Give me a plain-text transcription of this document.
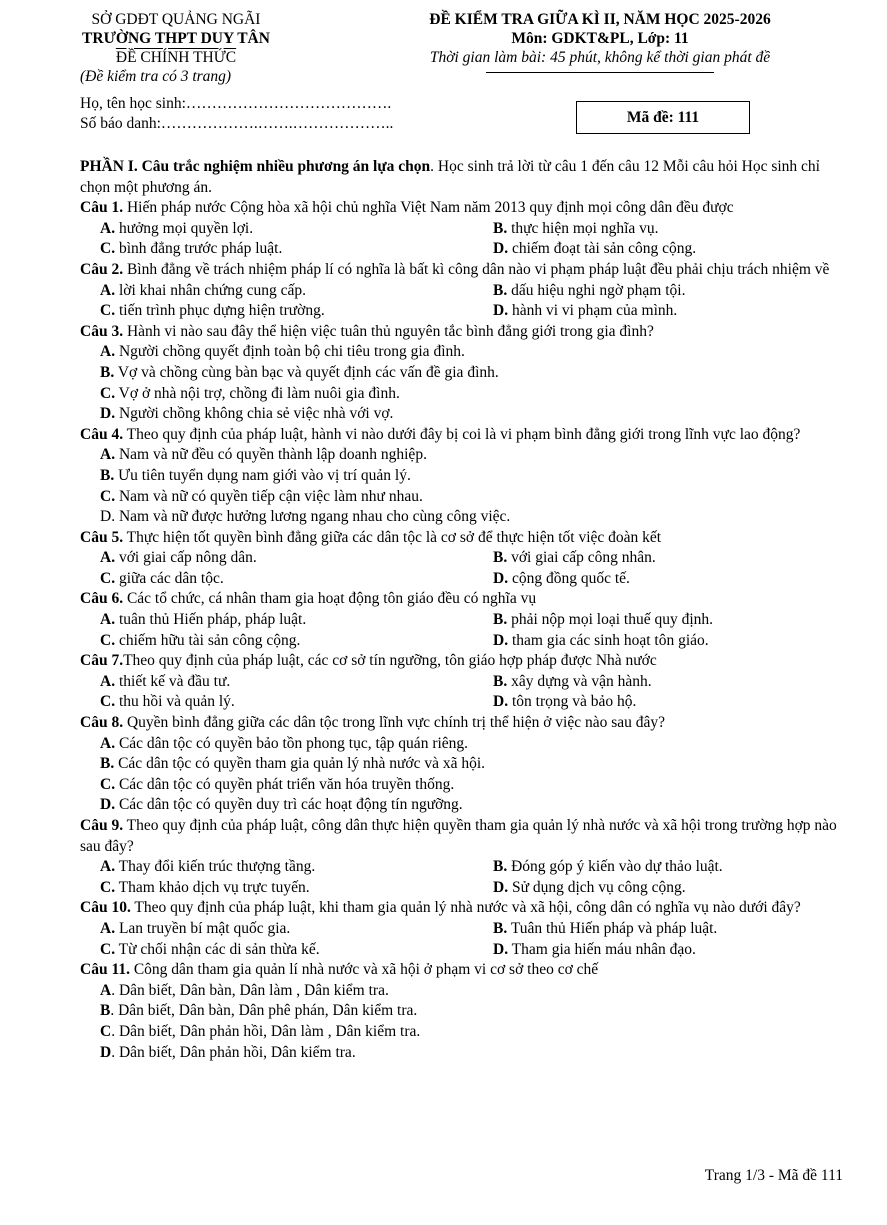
SỞ GDĐT QUẢNG NGÃI
TRƯỜNG THPT DUY TÂN
ĐỀ CHÍNH THỨC
(Đề kiểm tra có 3 trang)
ĐỀ KIỂM TRA GIỮA KÌ II, NĂM HỌC 2025-2026
Môn: GDKT&PL, Lớp: 11
Thời gian làm bài: 45 phút, không kể thời gian phát đề
Họ, tên học sinh:………………………………….
Số báo danh:……………….…….………………..	Mã đề: 111

PHẦN I. Câu trắc nghiệm nhiều phương án lựa chọn. Học sinh trả lời từ câu 1 đến câu 12 Mỗi câu hỏi Học sinh chỉ chọn một phương án.

Câu 1. Hiến pháp nước Cộng hòa xã hội chủ nghĩa Việt Nam năm 2013 quy định mọi công dân đều được

A. hưởng mọi quyền lợi.	B. thực hiện mọi nghĩa vụ.
C. bình đẳng trước pháp luật.	D. chiếm đoạt tài sản công cộng.

Câu 2. Bình đẳng về trách nhiệm pháp lí có nghĩa là bất kì công dân nào vi phạm pháp luật đều phải chịu trách nhiệm về

A. lời khai nhân chứng cung cấp.	B. dấu hiệu nghi ngờ phạm tội.
C. tiến trình phục dựng hiện trường.	D. hành vi vi phạm của mình.

Câu 3. Hành vi nào sau đây thể hiện việc tuân thủ nguyên tắc bình đẳng giới trong gia đình?

A. Người chồng quyết định toàn bộ chi tiêu trong gia đình.
B. Vợ và chồng cùng bàn bạc và quyết định các vấn đề gia đình.
C. Vợ ở nhà nội trợ, chồng đi làm nuôi gia đình.
D. Người chồng không chia sẻ việc nhà với vợ.

Câu 4. Theo quy định của pháp luật, hành vi nào dưới đây bị coi là vi phạm bình đẳng giới trong lĩnh vực lao động?

A. Nam và nữ đều có quyền thành lập doanh nghiệp.
B. Ưu tiên tuyển dụng nam giới vào vị trí quản lý.
C. Nam và nữ có quyền tiếp cận việc làm như nhau.
D. Nam và nữ được hưởng lương ngang nhau cho cùng công việc.

Câu 5. Thực hiện tốt quyền bình đẳng giữa các dân tộc là cơ sở để thực hiện tốt việc đoàn kết

A. với giai cấp nông dân.	B. với giai cấp công nhân.
C. giữa các dân tộc.	D. cộng đồng quốc tế.

Câu 6. Các tổ chức, cá nhân tham gia hoạt động tôn giáo đều có nghĩa vụ

A. tuân thủ Hiến pháp, pháp luật.	B. phải nộp mọi loại thuế quy định.
C. chiếm hữu tài sản công cộng.	D. tham gia các sinh hoạt tôn giáo.

Câu 7.Theo quy định của pháp luật, các cơ sở tín ngưỡng, tôn giáo hợp pháp được Nhà nước

A. thiết kế và đầu tư.	B. xây dựng và vận hành.
C. thu hồi và quản lý.	D. tôn trọng và bảo hộ.

Câu 8. Quyền bình đẳng giữa các dân tộc trong lĩnh vực chính trị thể hiện ở việc nào sau đây?

A. Các dân tộc có quyền bảo tồn phong tục, tập quán riêng.
B. Các dân tộc có quyền tham gia quản lý nhà nước và xã hội.
C. Các dân tộc có quyền phát triển văn hóa truyền thống.
D. Các dân tộc có quyền duy trì các hoạt động tín ngưỡng.

Câu 9. Theo quy định của pháp luật, công dân thực hiện quyền tham gia quản lý nhà nước và xã hội trong trường hợp nào sau đây?

A. Thay đổi kiến trúc thượng tầng.	B. Đóng góp ý kiến vào dự thảo luật.
C. Tham khảo dịch vụ trực tuyến.	D. Sử dụng dịch vụ công cộng.

Câu 10. Theo quy định của pháp luật, khi tham gia quản lý nhà nước và xã hội, công dân có nghĩa vụ nào dưới đây?

A. Lan truyền bí mật quốc gia.	B. Tuân thủ Hiến pháp và pháp luật.
C. Từ chối nhận các di sản thừa kế.	D. Tham gia hiến máu nhân đạo.

Câu 11. Công dân tham gia quản lí nhà nước và xã hội ở phạm vi cơ sở theo cơ chế

A. Dân biết, Dân bàn, Dân làm , Dân kiểm tra.
B. Dân biết, Dân bàn, Dân phê phán, Dân kiểm tra.
C. Dân biết, Dân phản hồi, Dân làm , Dân kiểm tra.
D. Dân biết, Dân phản hồi, Dân kiểm tra.
Trang 1/3 - Mã đề 111
